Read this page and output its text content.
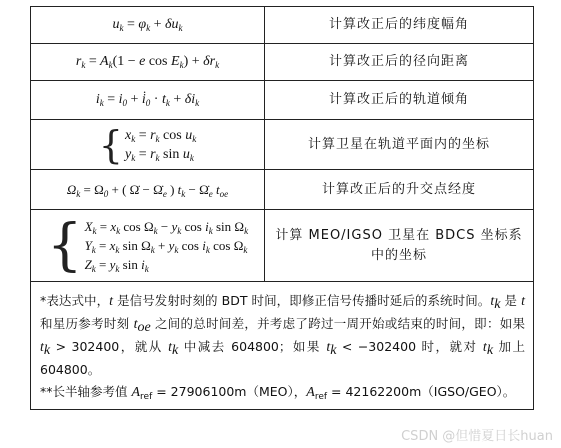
$u_k = \varphi_k + \delta u_k$	计算改正后的纬度幅角
$r_k = A_k(1 - e$ $\cos E_k) + \delta r_k$	计算改正后的径向距离
$i_k = i_0$ + $i̇_0 \cdot t_k + \delta i_k$	计算改正后的轨道倾角

{ $x_k = r_k$ $\cos u_k$
$y_k = r_k$ $\sin u_k$	计算卫星在轨道平面内的坐标
$\Omega_k = \Omega_0$ + ( Ω̇ − $\Omegȧ_e$ ) $t_k$ − $\Omegȧ_e$ $t_{oe}$	计算改正后的升交点经度

{ $X_k = x_k$ $\cos \Omega_k - y_k$ $\cos i_k$ $\sin \Omega_k$
$Y_k = x_k$ $\sin \Omega_k + y_k$ $\cos i_k$ $\cos \Omega_k$
$Z_k = y_k$ $\sin i_k$	计算 MEO/IGSO 卫星在 BDCS 坐标系中的坐标

*表达式中，t 是信号发射时刻的 BDT 时间，即修正信号传播时延后的系统时间。$t_k$ 是 t 和星历参考时刻 $t_{oe}$ 之间的总时间差，并考虑了跨过一周开始或结束的时间，即：如果 $t_k > 302400$，就从 $t_k$ 中减去 604800；如果 $t_k < -302400$ 时，就对 $t_k$ 加上 604800。

**长半轴参考值 $A_{ref} = 27906100m(MEO)$，$A_{ref}$ = 42162200m（IGSO/GEO）。	

CSDN @但惜夏日长huan
